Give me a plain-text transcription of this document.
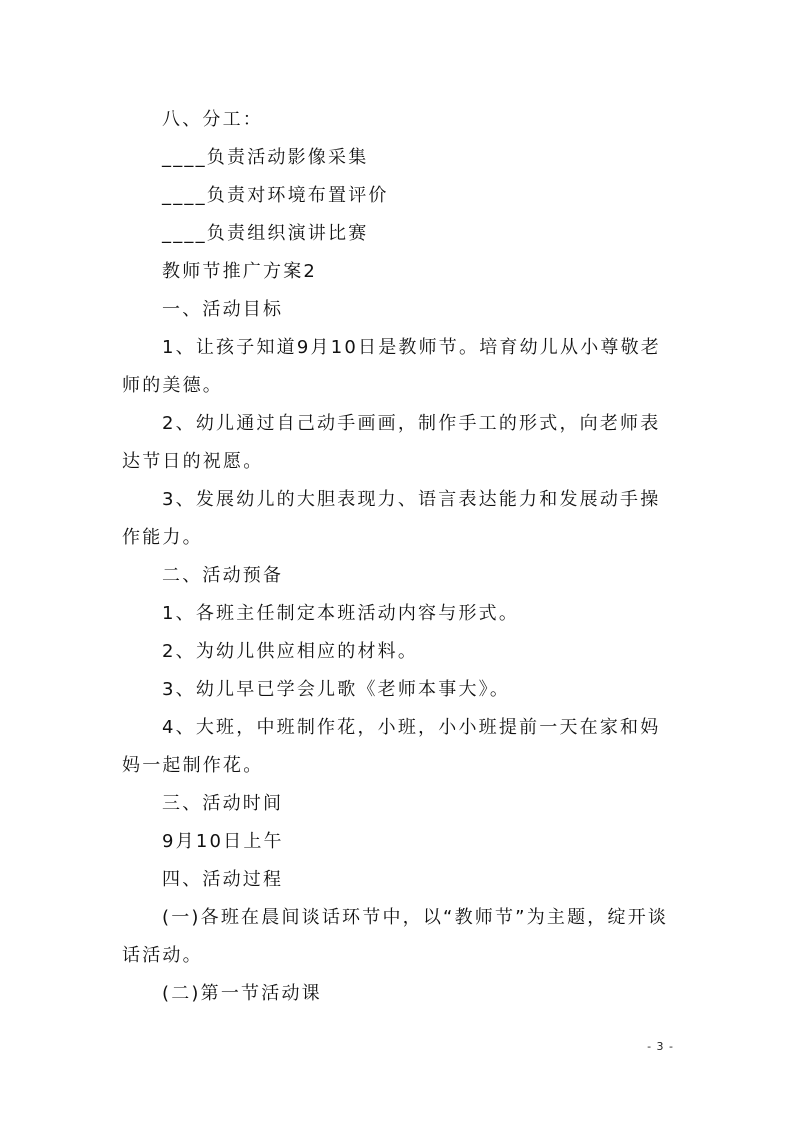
八、分工：

____负责活动影像采集

____负责对环境布置评价

____负责组织演讲比赛

教师节推广方案2

一、活动目标

1、让孩子知道9月10日是教师节。培育幼儿从小尊敬老师的美德。

2、幼儿通过自己动手画画，制作手工的形式，向老师表达节日的祝愿。

3、发展幼儿的大胆表现力、语言表达能力和发展动手操作能力。

二、活动预备

1、各班主任制定本班活动内容与形式。

2、为幼儿供应相应的材料。

3、幼儿早已学会儿歌《老师本事大》。

4、大班，中班制作花，小班，小小班提前一天在家和妈妈一起制作花。

三、活动时间

9月10日上午

四、活动过程

(一)各班在晨间谈话环节中，以“教师节”为主题，绽开谈话活动。

(二)第一节活动课

- 3 -
